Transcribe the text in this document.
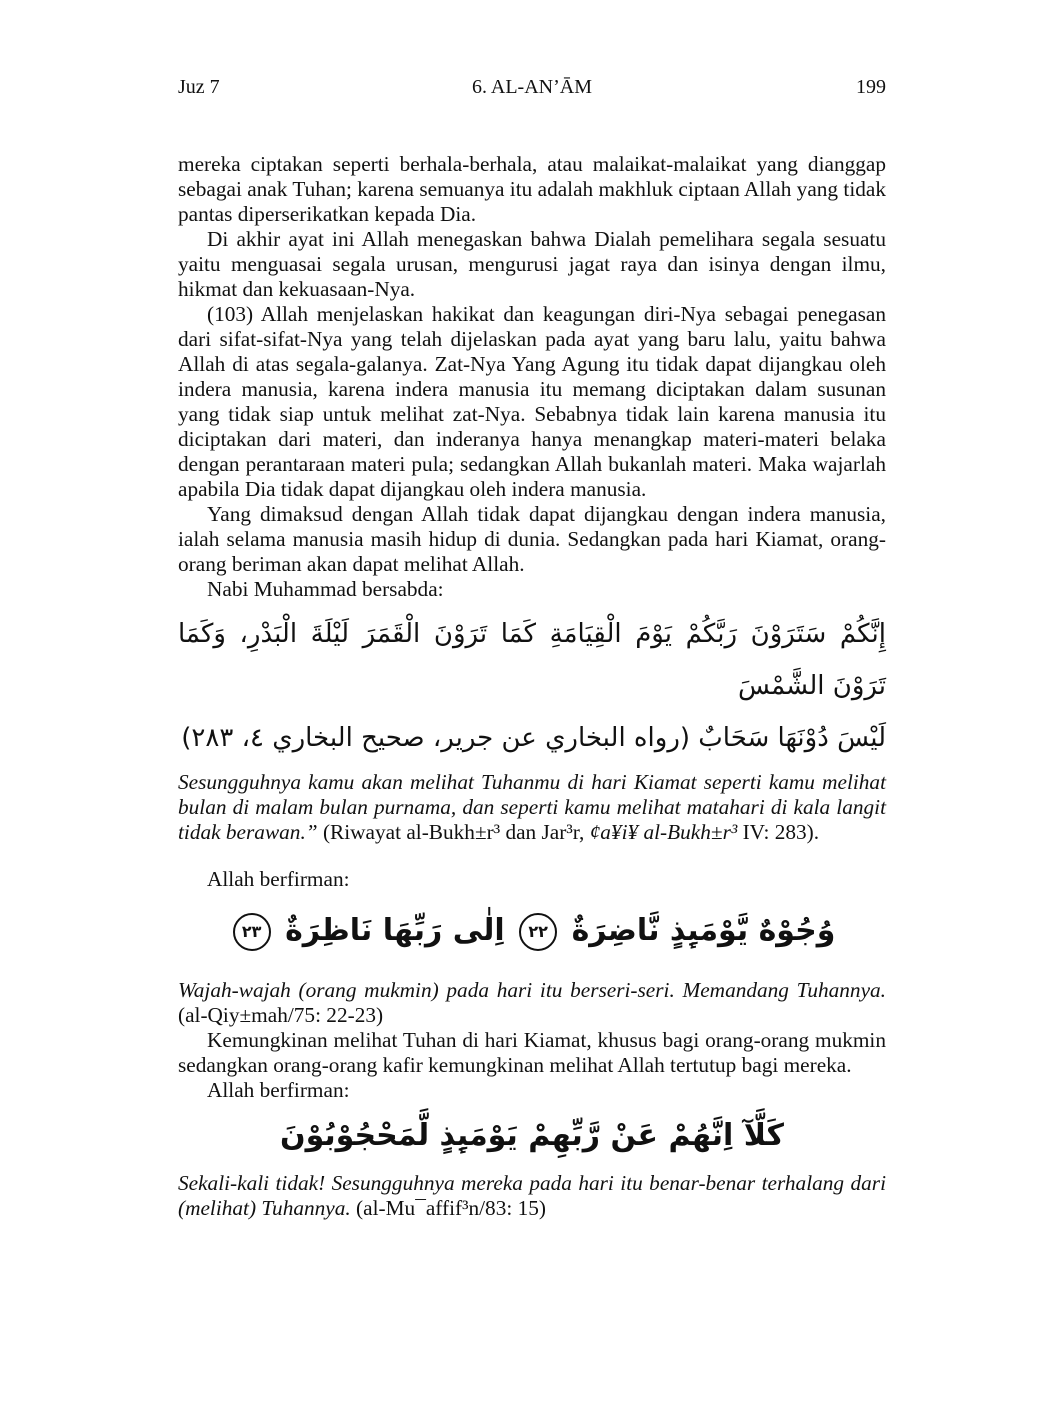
Juz 7	6. AL-AN’ĀM	199

mereka ciptakan seperti berhala-berhala, atau malaikat-malaikat yang dianggap sebagai anak Tuhan; karena semuanya itu adalah makhluk ciptaan Allah yang tidak pantas diperserikatkan kepada Dia.

Di akhir ayat ini Allah menegaskan bahwa Dialah pemelihara segala sesuatu yaitu menguasai segala urusan, mengurusi jagat raya dan isinya dengan ilmu, hikmat dan kekuasaan-Nya.

(103) Allah menjelaskan hakikat dan keagungan diri-Nya sebagai penegasan dari sifat-sifat-Nya yang telah dijelaskan pada ayat yang baru lalu, yaitu bahwa Allah di atas segala-galanya. Zat-Nya Yang Agung itu tidak dapat dijangkau oleh indera manusia, karena indera manusia itu memang diciptakan dalam susunan yang tidak siap untuk melihat zat-Nya. Sebabnya tidak lain karena manusia itu diciptakan dari materi, dan inderanya hanya menangkap materi-materi belaka dengan perantaraan materi pula; sedangkan Allah bukanlah materi. Maka wajarlah apabila Dia tidak dapat dijangkau oleh indera manusia.

Yang dimaksud dengan Allah tidak dapat dijangkau dengan indera manusia, ialah selama manusia masih hidup di dunia. Sedangkan pada hari Kiamat, orang-orang beriman akan dapat melihat Allah.

Nabi Muhammad bersabda:

إِنَّكُمْ سَتَرَوْنَ رَبَّكُمْ يَوْمَ الْقِيَامَةِ كَمَا تَرَوْنَ الْقَمَرَ لَيْلَةَ الْبَدْرِ، وَكَمَا تَرَوْنَ الشَّمْسَ
لَيْسَ دُوْنَهَا سَحَابٌ (رواه البخاري عن جرير، صحيح البخاري ٤، ٢٨٣)

Sesungguhnya kamu akan melihat Tuhanmu di hari Kiamat seperti kamu melihat bulan di malam bulan purnama, dan seperti kamu melihat matahari di kala langit tidak berawan.” (Riwayat al-Bukh±r³ dan Jar³r, ¢a¥i¥ al-Bukh±r³ IV: 283).

Allah berfirman:

وُجُوْهٌ يَّوْمَىِٕذٍ نَّاضِرَةٌ ٢٢ اِلٰى رَبِّهَا نَاظِرَةٌ ٢٣

Wajah-wajah (orang mukmin) pada hari itu berseri-seri. Memandang Tuhannya. (al-Qiy±mah/75: 22-23)

Kemungkinan melihat Tuhan di hari Kiamat, khusus bagi orang-orang mukmin sedangkan orang-orang kafir kemungkinan melihat Allah tertutup bagi mereka.

Allah berfirman:

كَلَّآ اِنَّهُمْ عَنْ رَّبِّهِمْ يَوْمَىِٕذٍ لَّمَحْجُوْبُوْنَ

Sekali-kali tidak! Sesungguhnya mereka pada hari itu benar-benar terhalang dari (melihat) Tuhannya. (al-Mu¯affif³n/83: 15)
